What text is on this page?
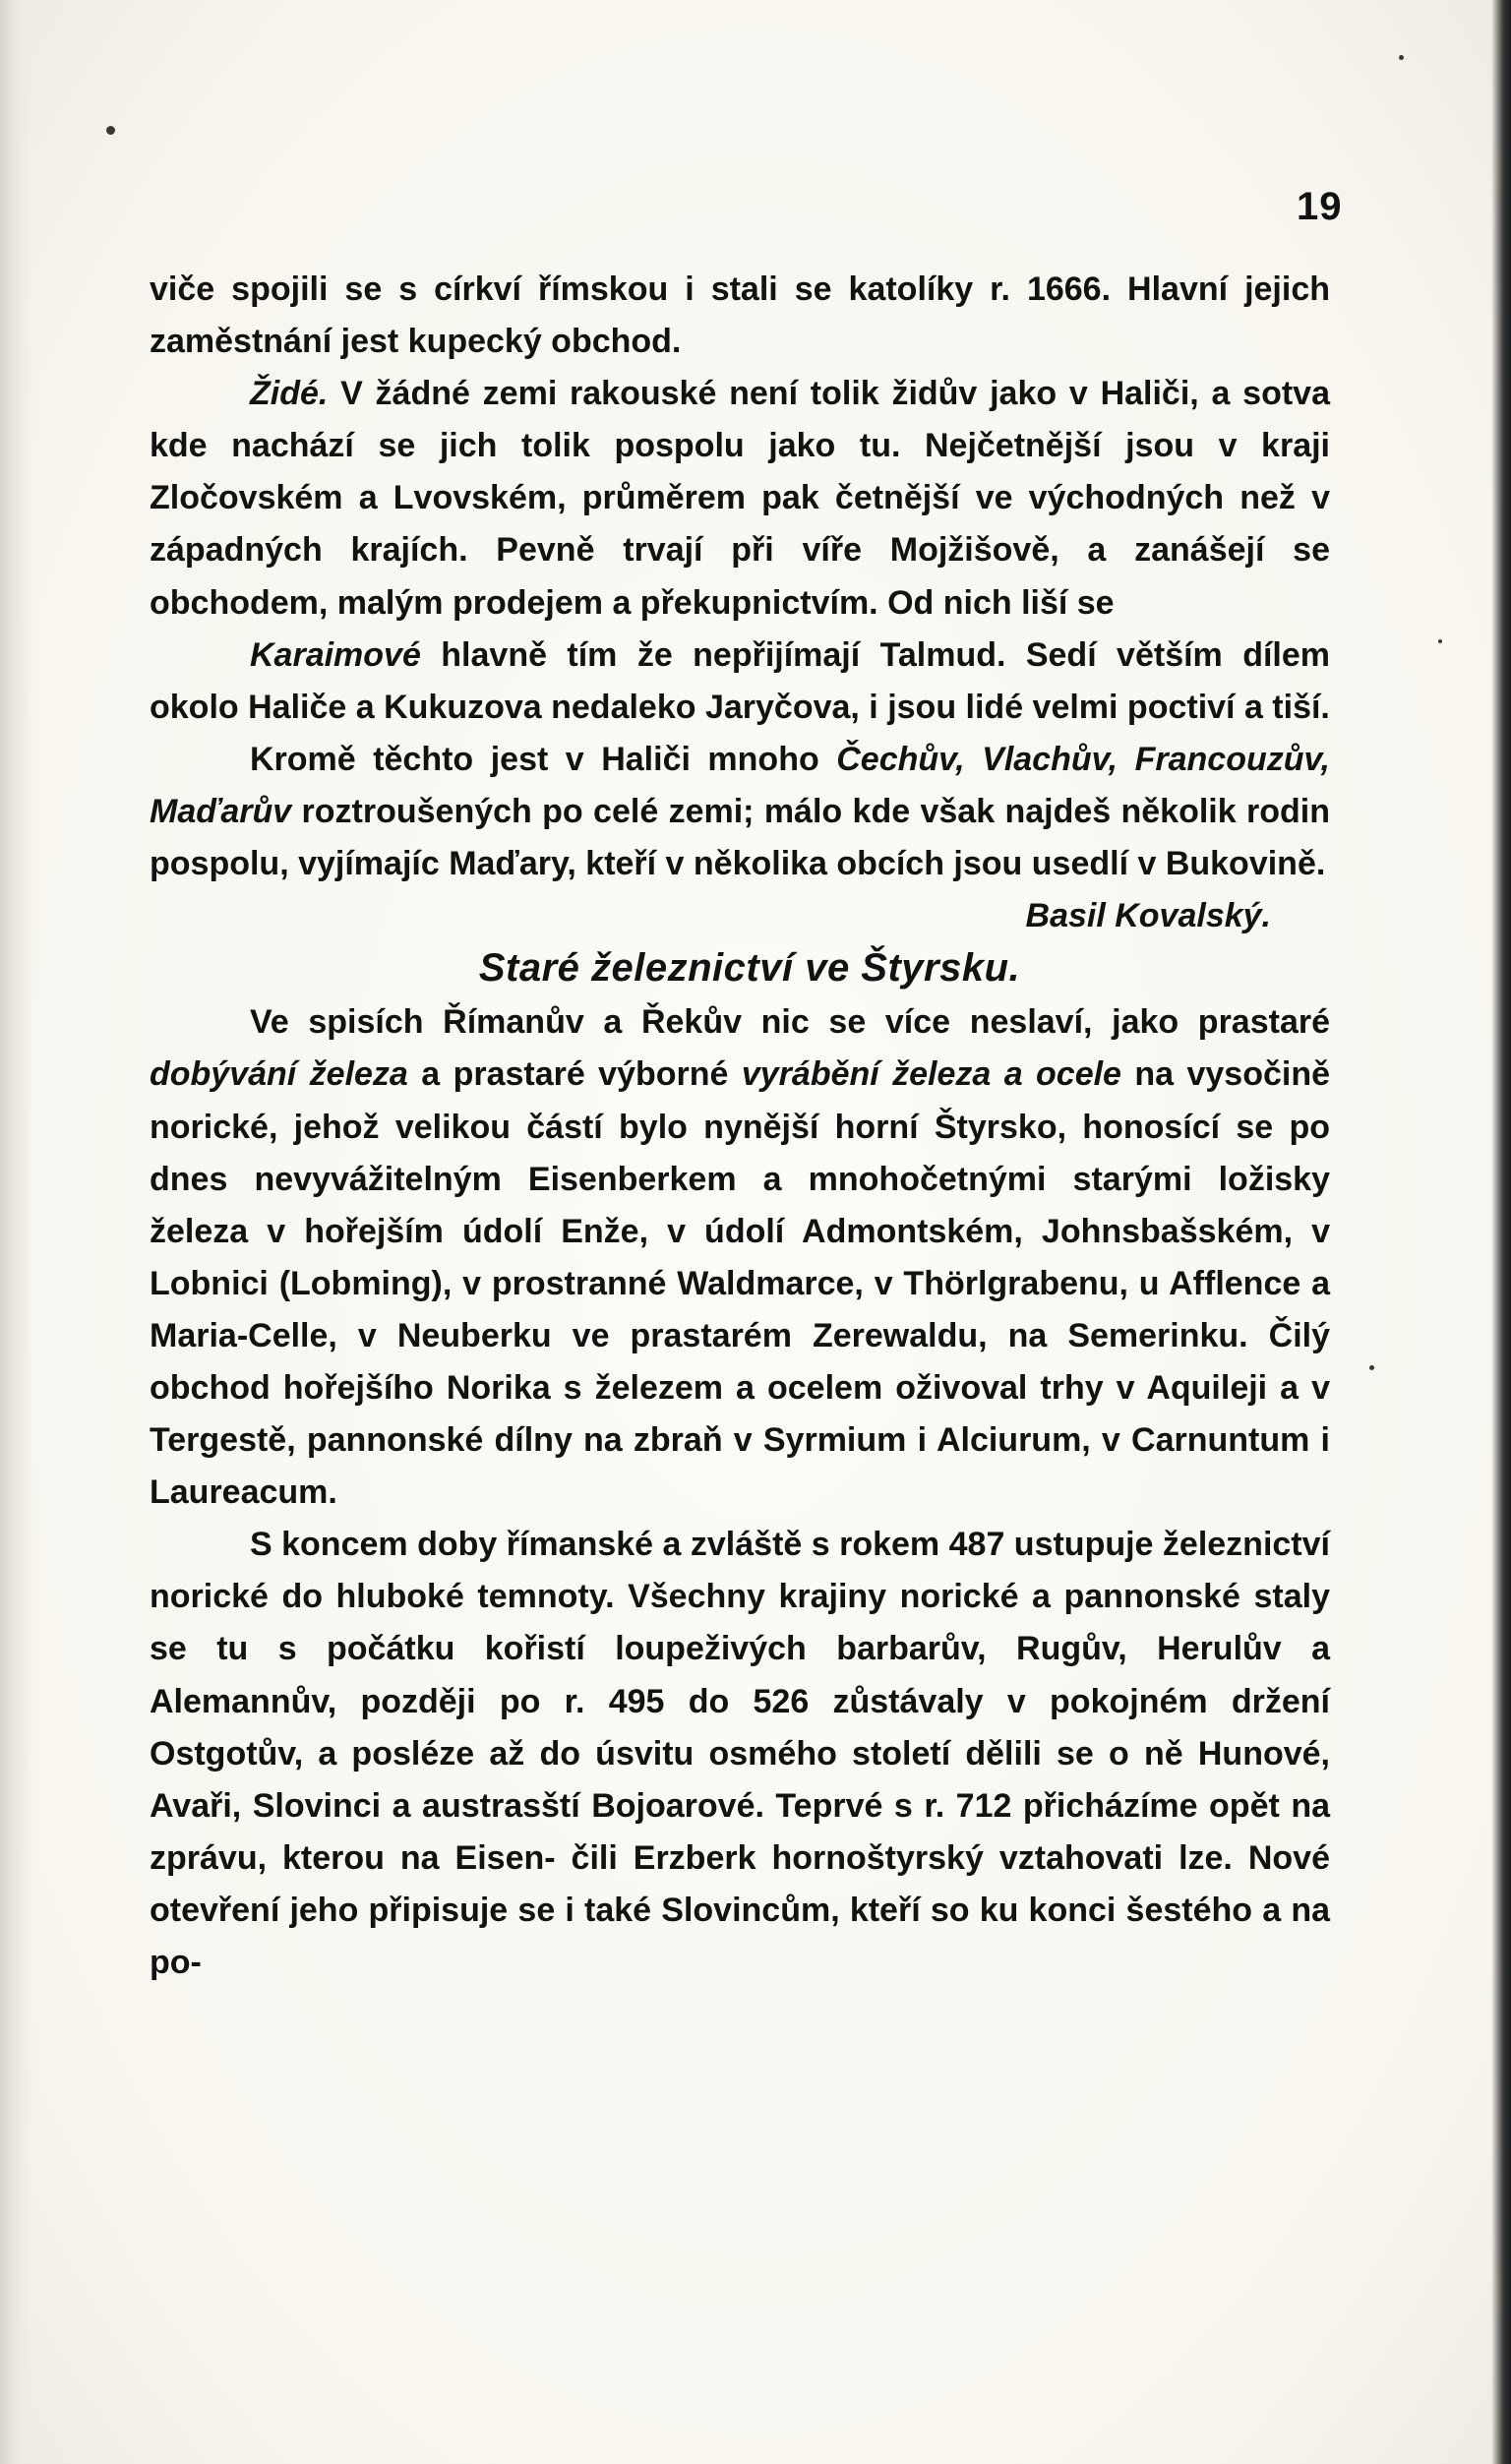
19

viče spojili se s církví římskou i stali se katolíky r. 1666. Hlavní jejich zaměstnání jest kupecký obchod.

Židé. V žádné zemi rakouské není tolik židův jako v Haliči, a sotva kde nachází se jich tolik pospolu jako tu. Nejčetnější jsou v kraji Zločovském a Lvovském, průměrem pak četnější ve východných než v západných krajích. Pevně trvají při víře Mojžišově, a zanášejí se obchodem, malým prodejem a překupnictvím. Od nich liší se

Karaimové hlavně tím že nepřijímají Talmud. Sedí větším dílem okolo Haliče a Kukuzova nedaleko Jaryčova, i jsou lidé velmi poctiví a tiší.

Kromě těchto jest v Haliči mnoho Čechův, Vlachův, Francouzův, Maďarův roztroušených po celé zemi; málo kde však najdeš několik rodin pospolu, vyjímajíc Maďary, kteří v několika obcích jsou usedlí v Bukovině.
Basil Kovalský.

Staré železnictví ve Štyrsku.

Ve spisích Římanův a Řekův nic se více neslaví, jako prastaré dobývání železa a prastaré výborné vyrábění železa a ocele na vysočině norické, jehož velikou částí bylo nynější horní Štyrsko, honosící se po dnes nevyvážitelným Eisenberkem a mnohočetnými starými ložisky železa v hořejším údolí Enže, v údolí Admontském, Johnsbašském, v Lobnici (Lobming), v prostranné Waldmarce, v Thörlgrabenu, u Afflence a Maria-Celle, v Neuberku ve prastarém Zerewaldu, na Semerinku. Čilý obchod hořejšího Norika s železem a ocelem oživoval trhy v Aquileji a v Tergestě, pannonské dílny na zbraň v Syrmium i Alciurum, v Carnuntum i Laureacum.

S koncem doby římanské a zvláště s rokem 487 ustupuje železnictví norické do hluboké temnoty. Všechny krajiny norické a pannonské staly se tu s počátku kořistí loupeživých barbarův, Rugův, Herulův a Alemannův, později po r. 495 do 526 zůstávaly v pokojném držení Ostgotův, a posléze až do úsvitu osmého století dělili se o ně Hunové, Avaři, Slovinci a austrasští Bojoarové. Teprvé s r. 712 přicházíme opět na zprávu, kterou na Eisen- čili Erzberk hornoštyrský vztahovati lze. Nové otevření jeho připisuje se i také Slovincům, kteří so ku konci šestého a na po-
